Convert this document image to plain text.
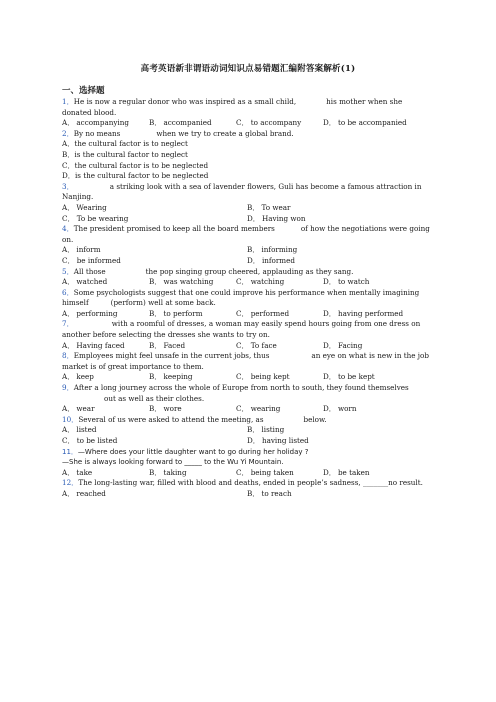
高考英语新非谓语动词知识点易错题汇编附答案解析(1)
一、选择题

1．He is now a regular donor who was inspired as a small child,	his mother when she donated blood.

A． accompanying	B． accompanied	C． to accompany	D． to be accompanied

2．By no means	when we try to create a global brand.

A．the cultural factor is to neglect

B．is the cultural factor to neglect

C．the cultural factor is to be neglected

D．is the cultural factor to be neglected

3．	a striking look with a sea of lavender flowers, Guli has become a famous attraction in Nanjing.

A． Wearing	B． To wear
C． To be wearing	D． Having won

4．The president promised to keep all the board members	of how the negotiations were going on.

A． inform	B． informing
C． be informed	D． informed

5．All those	the pop singing group cheered, applauding as they sang.

A． watched	B． was watching	C． watching	D． to watch

6．Some psychologists suggest that one could improve his performance when mentally imagining himself	(perform) well at some back.

A． performing	B． to perform	C． performed	D． having performed

7．	with a roomful of dresses, a woman may easily spend hours going from one dress on another before selecting the dresses she wants to try on.

A． Having faced	B． Faced	C． To face	D． Facing

8．Employees might feel unsafe in the current jobs, thus	an eye on what is new in the job market is of great importance to them.

A． keep	B． keeping	C． being kept	D． to be kept

9．After a long journey across the whole of Europe from north to south, they found themselvesout as well as their clothes.

A． wear	B． wore	C． wearing	D． worn

10．Several of us were asked to attend the meeting, as	below.

A． listed	B． listing
C． to be listed	D． having listed

11．—Where does your little daughter want to go during her holiday ?

—She is always looking forward to _____ to the Wu Yi Mountain.

A． take	B． taking	C． being taken	D． be taken

12．The long-lasting war, filled with blood and deaths, ended in people’s sadness, _______no result.

A． reached	B． to reach
